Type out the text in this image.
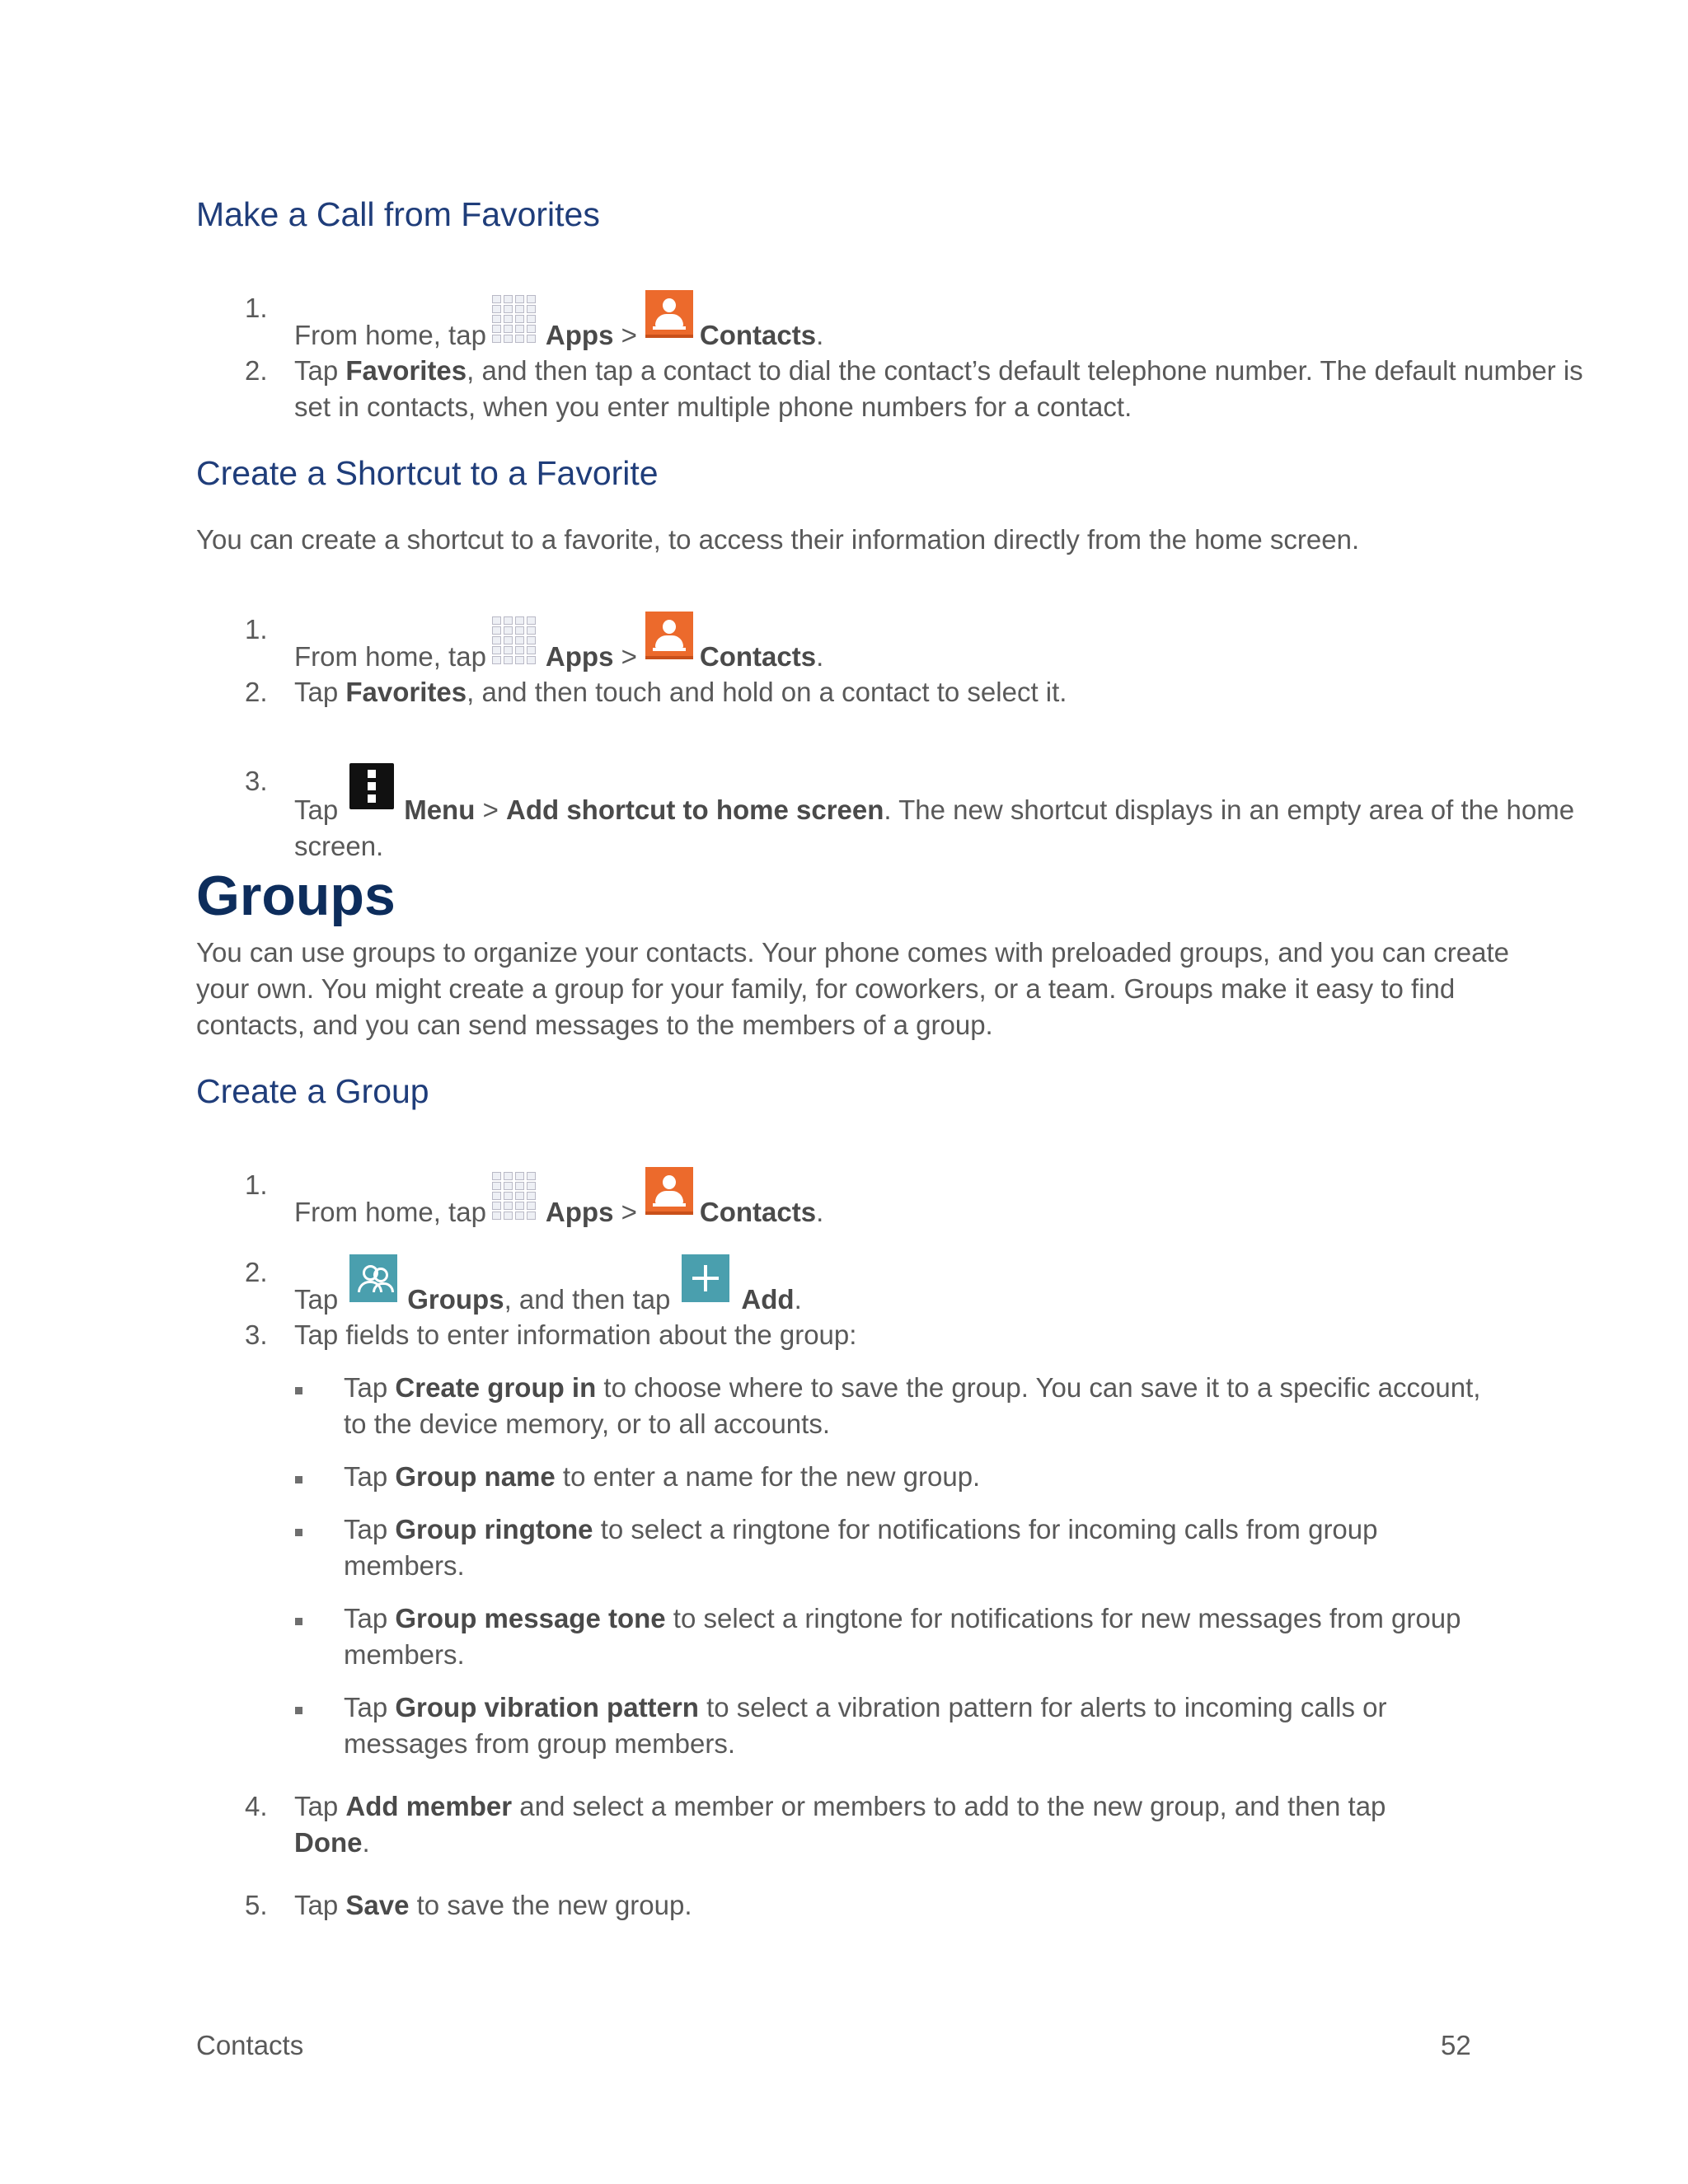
Make a Call from Favorites
1.
From home, tap Apps > Contacts.
2. Tap Favorites, and then tap a contact to dial the contact’s default telephone number. The default number is set in contacts, when you enter multiple phone numbers for a contact.
Create a Shortcut to a Favorite
You can create a shortcut to a favorite, to access their information directly from the home screen.
1.
From home, tap Apps > Contacts.
2. Tap Favorites, and then touch and hold on a contact to select it.
3.
Tap Menu > Add shortcut to home screen. The new shortcut displays in an empty area of the home screen.
Groups
You can use groups to organize your contacts. Your phone comes with preloaded groups, and you can create your own. You might create a group for your family, for coworkers, or a team. Groups make it easy to find contacts, and you can send messages to the members of a group.
Create a Group
1.
From home, tap Apps > Contacts.
2.
Tap	Groups, and then tap	Add.
3. Tap fields to enter information about the group:
Tap Create group in to choose where to save the group. You can save it to a specific account, to the device memory, or to all accounts.
Tap Group name to enter a name for the new group.
Tap Group ringtone to select a ringtone for notifications for incoming calls from group members.
Tap Group message tone to select a ringtone for notifications for new messages from group members.
Tap Group vibration pattern to select a vibration pattern for alerts to incoming calls or messages from group members.
4. Tap Add member and select a member or members to add to the new group, and then tap Done.
5. Tap Save to save the new group.
Contacts	52
